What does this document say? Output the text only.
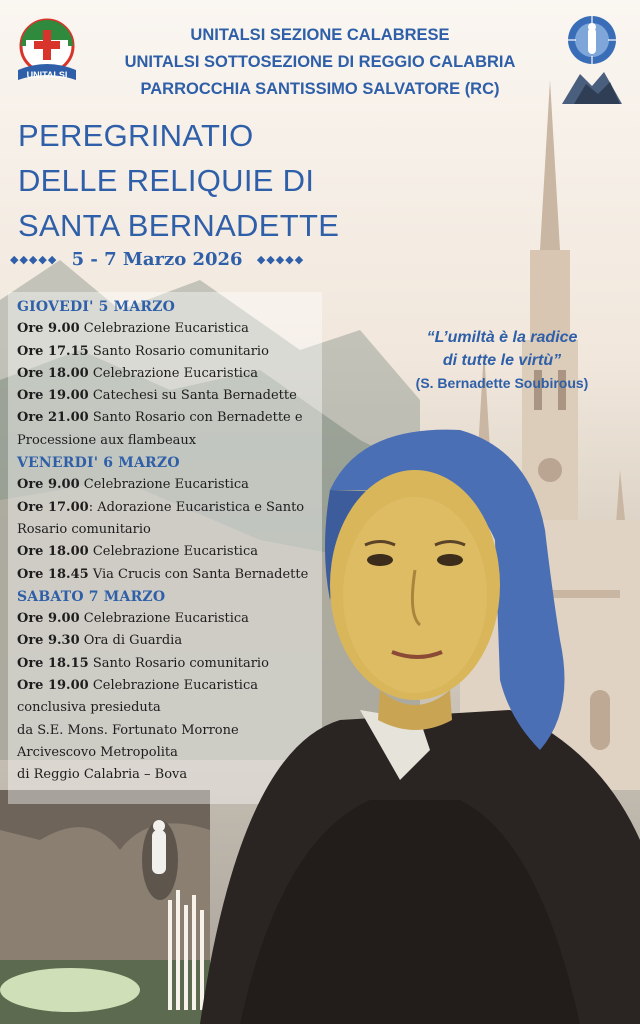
UNITALSI
UNITALSI SEZIONE CALABRESE
UNITALSI SOTTOSEZIONE DI REGGIO CALABRIA
PARROCCHIA SANTISSIMO SALVATORE (RC)
PEREGRINATIO
DELLE RELIQUIE DI
SANTA BERNADETTE
◆◆◆◆◆ 5 - 7 Marzo 2026 ◆◆◆◆◆
GIOVEDI' 5 MARZO
Ore 9.00 Celebrazione Eucaristica
Ore 17.15 Santo Rosario comunitario
Ore 18.00 Celebrazione Eucaristica
Ore 19.00 Catechesi su Santa Bernadette
Ore 21.00 Santo Rosario con Bernadette e
Processione aux flambeaux
VENERDI' 6 MARZO
Ore 9.00 Celebrazione Eucaristica
Ore 17.00: Adorazione Eucaristica e Santo
Rosario comunitario
Ore 18.00 Celebrazione Eucaristica
Ore 18.45 Via Crucis con Santa Bernadette
SABATO 7 MARZO
Ore 9.00 Celebrazione Eucaristica
Ore 9.30 Ora di Guardia
Ore 18.15 Santo Rosario comunitario
Ore 19.00 Celebrazione Eucaristica
conclusiva presieduta
da S.E. Mons. Fortunato Morrone
Arcivescovo Metropolita
di Reggio Calabria – Bova
“L’umiltà è la radice
di tutte le virtù”
(S. Bernadette Soubirous)
